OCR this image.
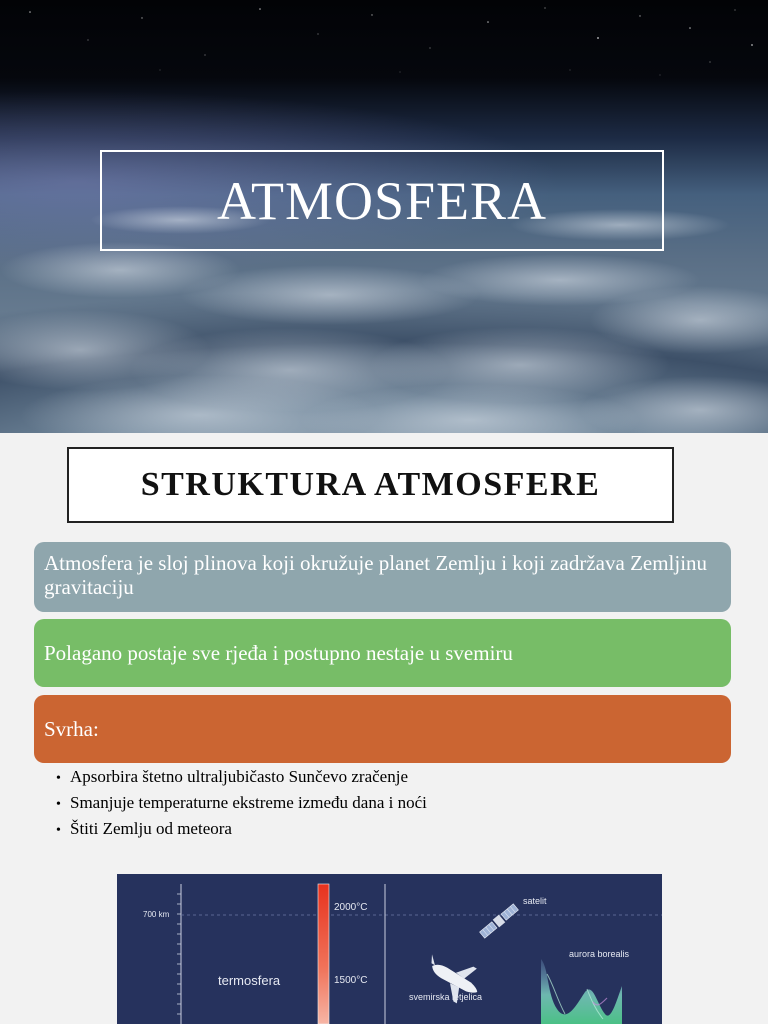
ATMOSFERA
STRUKTURA ATMOSFERE
Atmosfera je sloj plinova koji okružuje planet Zemlju i koji zadržava Zemljinu gravitaciju
Polagano postaje sve rjeđa i postupno nestaje u svemiru
Svrha:
• Apsorbira štetno ultraljubičasto Sunčevo zračenje
• Smanjuje temperaturne ekstreme između dana i noći
• Štiti Zemlju od meteora
700 km
termosfera
2000°C
1500°C
satelit
aurora borealis
svemirska letjelica
